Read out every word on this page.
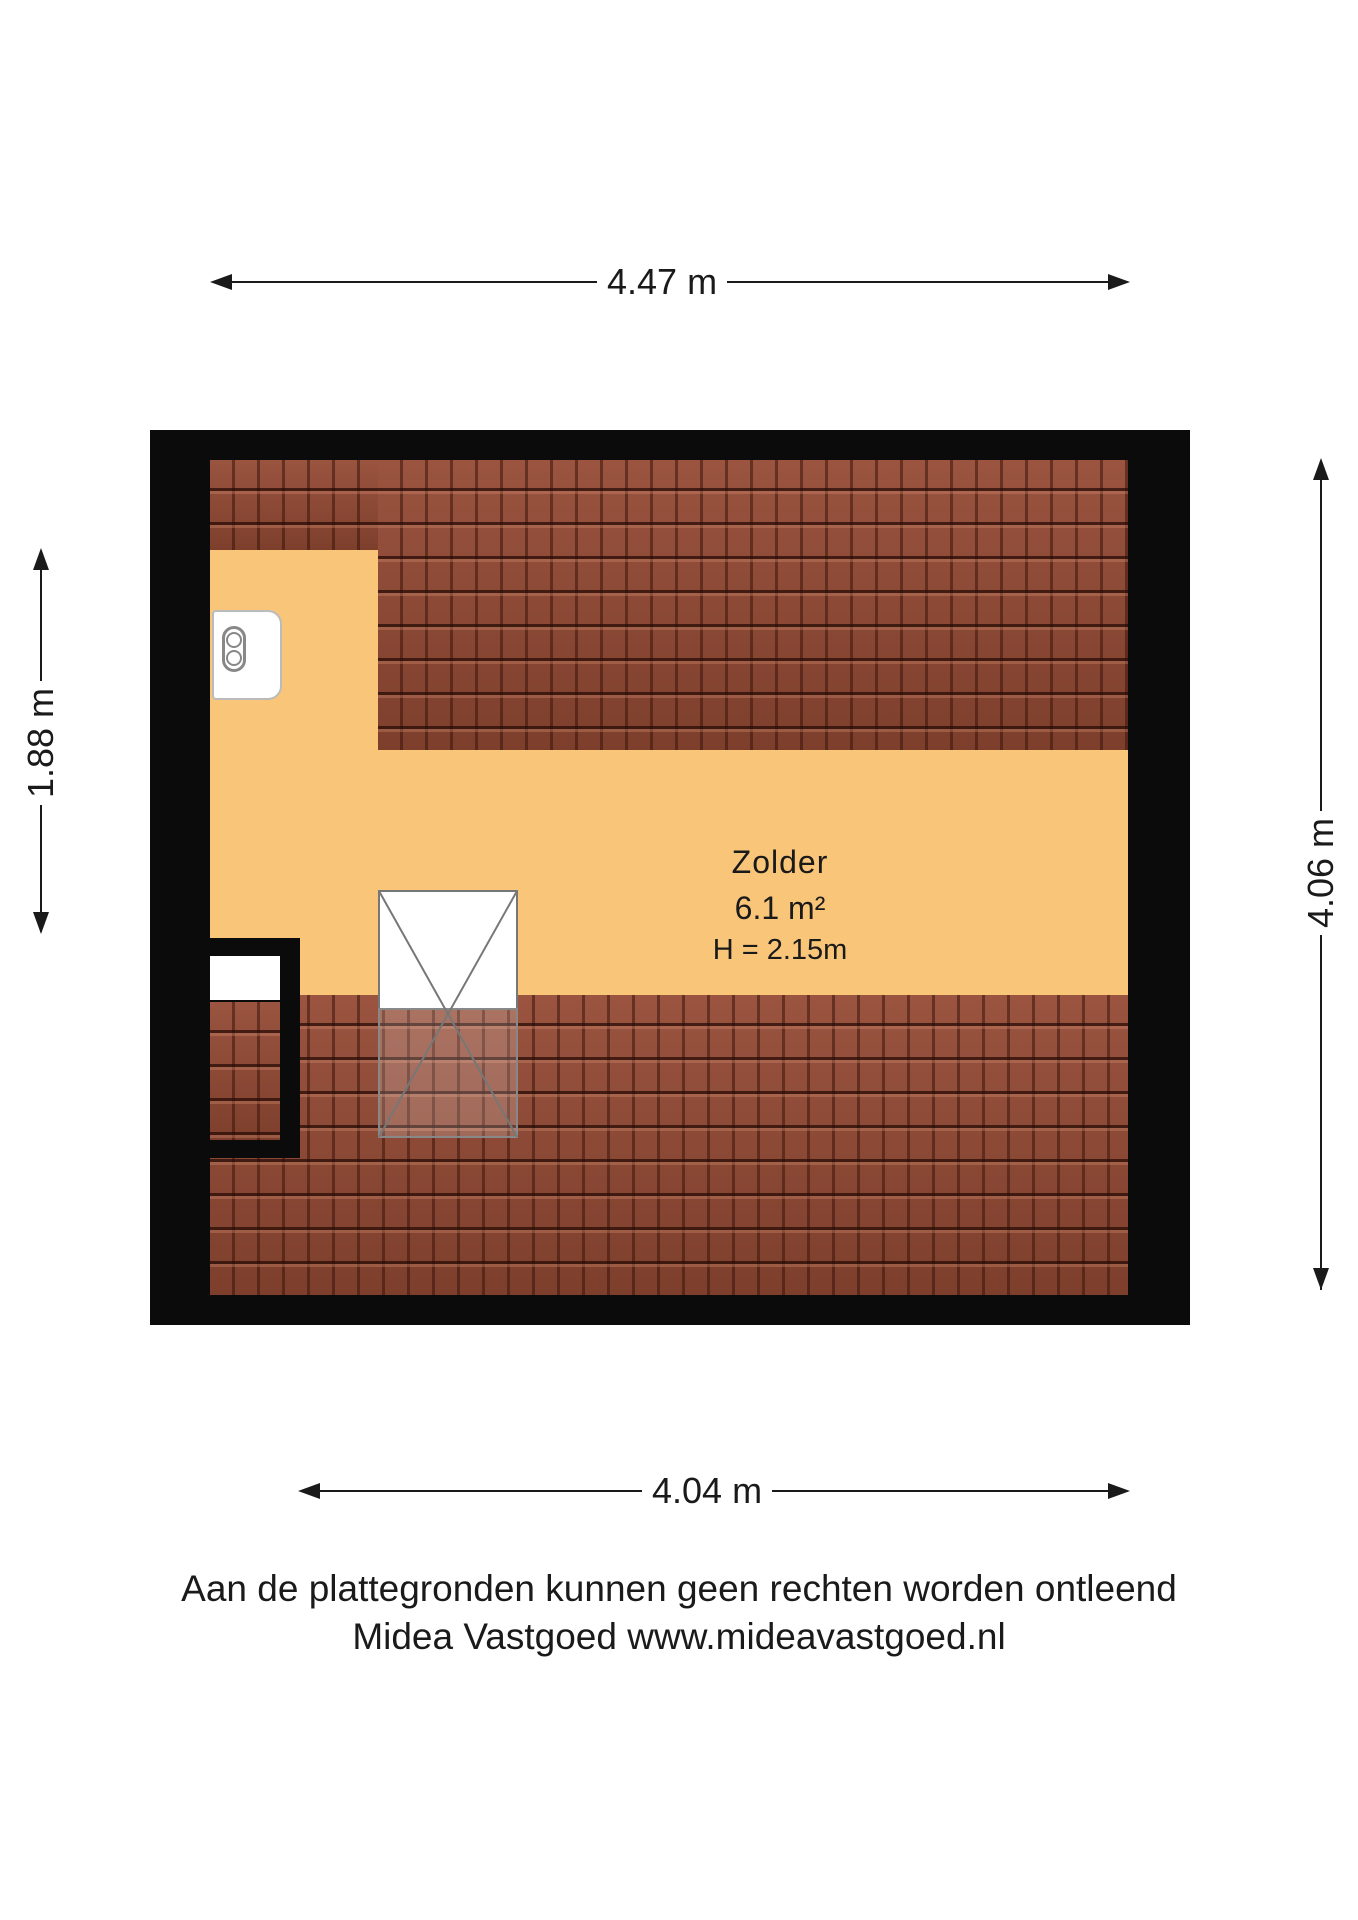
4.47 m
4.04 m
1.88 m
4.06 m
Zolder
6.1 m²
H = 2.15m
Aan de plattegronden kunnen geen rechten worden ontleend
Midea Vastgoed www.mideavastgoed.nl
